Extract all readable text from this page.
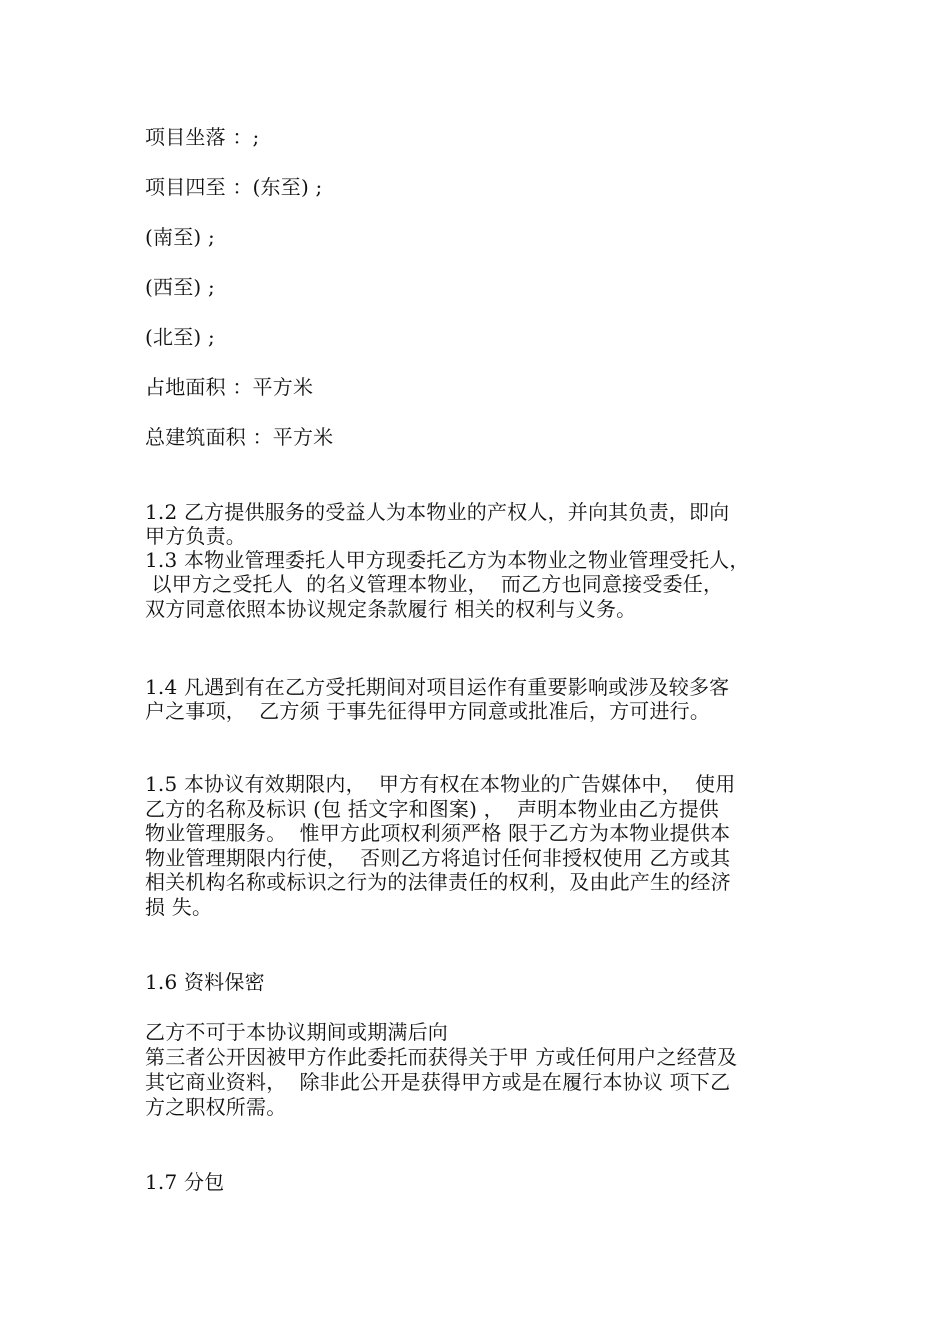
项目坐落 ：;
项目四至 ：(东至) ;
(南至) ;
(西至) ;
(北至) ;
占地面积 ：平方米
总建筑面积 ：平方米
1.2 乙方提供服务的受益人为本物业的产权人，并向其负责，即向
甲方负责。
1.3 本物业管理委托人甲方现委托乙方为本物业之物业管理受托人，
以甲方之受托人  的名义管理本物业，  而乙方也同意接受委任，
双方同意依照本协议规定条款履行 相关的权利与义务。
1.4 凡遇到有在乙方受托期间对项目运作有重要影响或涉及较多客
户之事项，  乙方须 于事先征得甲方同意或批准后，方可进行。
1.5 本协议有效期限内，  甲方有权在本物业的广告媒体中，  使用
乙方的名称及标识 (包 括文字和图案) ，  声明本物业由乙方提供
物业管理服务。  惟甲方此项权利须严格 限于乙方为本物业提供本
物业管理期限内行使，  否则乙方将追讨任何非授权使用 乙方或其
相关机构名称或标识之行为的法律责任的权利，及由此产生的经济
损 失。
1.6 资料保密
乙方不可于本协议期间或期满后向
第三者公开因被甲方作此委托而获得关于甲 方或任何用户之经营及
其它商业资料，  除非此公开是获得甲方或是在履行本协议 项下乙
方之职权所需。
1.7 分包
